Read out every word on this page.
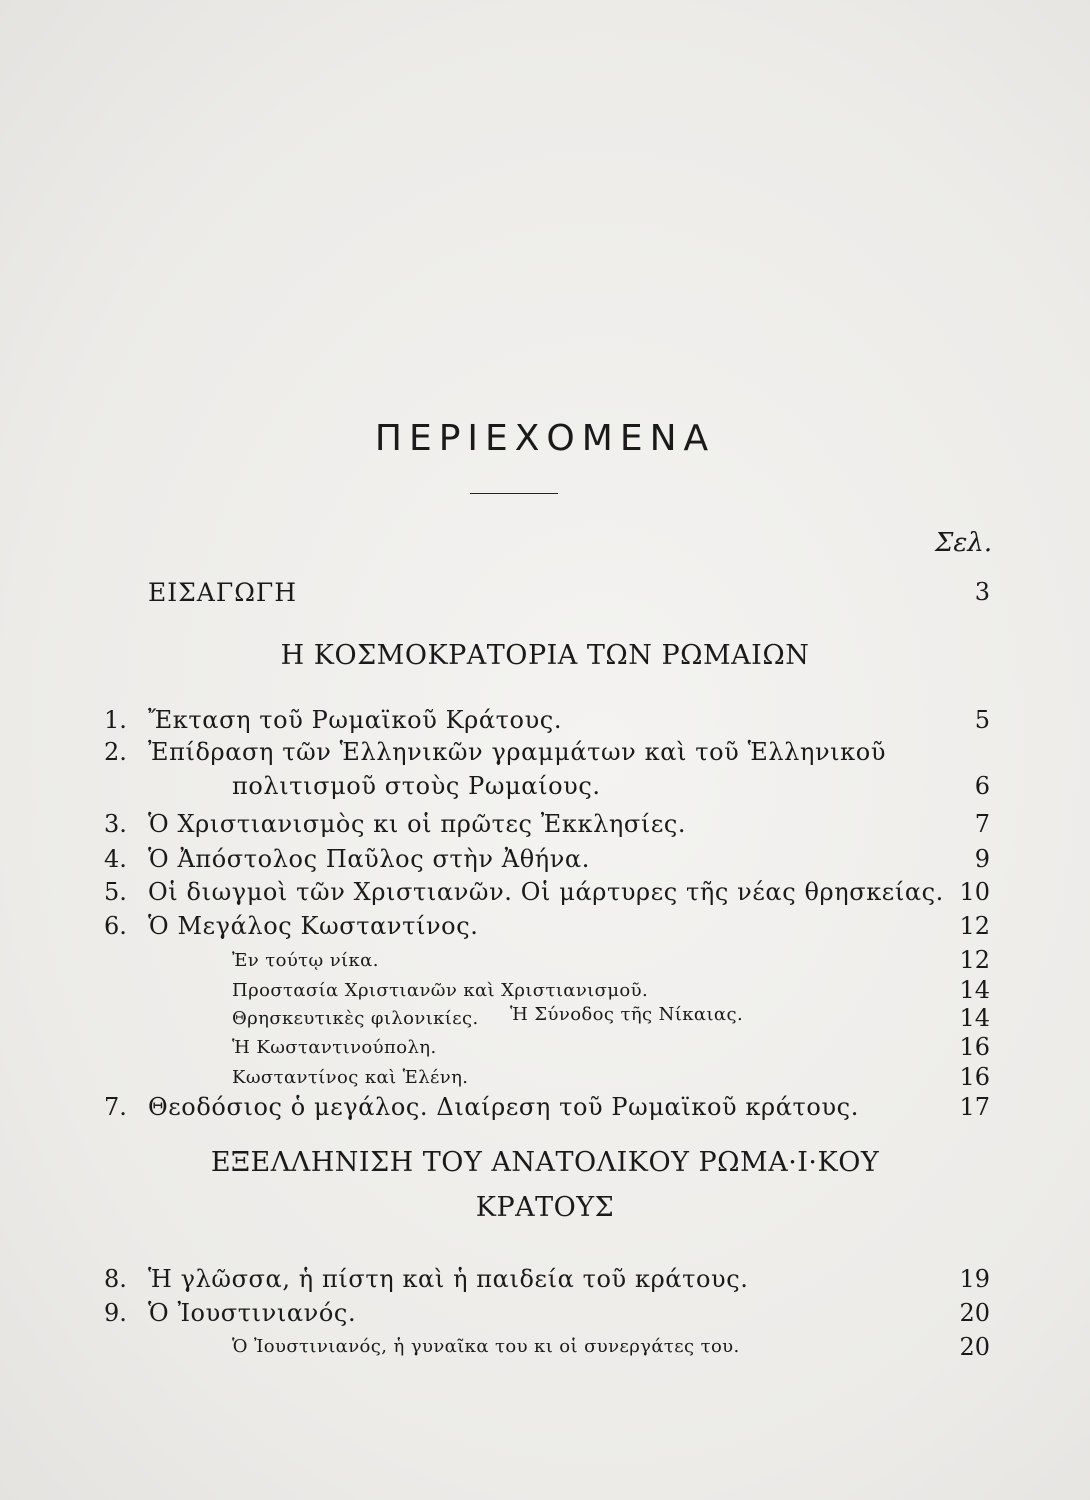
ΠΕΡΙΕΧΟΜΕΝΑ
Σελ.
ΕΙΣΑΓΩΓΗ	3
Η ΚΟΣΜΟΚΡΑΤΟΡΙΑ ΤΩΝ ΡΩΜΑΙΩΝ
1. Ἔκταση τοῦ Ρωμαϊκοῦ Κράτους.	5
2. Ἐπίδραση τῶν Ἑλληνικῶν γραμμάτων καὶ τοῦ Ἑλληνικοῦ
πολιτισμοῦ στοὺς Ρωμαίους.	6
3. Ὁ Χριστιανισμὸς κι οἱ πρῶτες Ἐκκλησίες.	7
4. Ὁ Ἀπόστολος Παῦλος στὴν Ἀθήνα.	9
5. Οἱ διωγμοὶ τῶν Χριστιανῶν. Οἱ μάρτυρες τῆς νέας θρησκείας. 10
6. Ὁ Μεγάλος Κωσταντίνος.	12
Ἐν τούτῳ νίκα.	12
Προστασία Χριστιανῶν καὶ Χριστιανισμοῦ.	14
Θρησκευτικὲς φιλονικίες. Ἡ Σύνοδος τῆς Νίκαιας.	14
Ἡ Κωσταντινούπολη.	16
Κωσταντίνος καὶ Ἑλένη.	16
7. Θεοδόσιος ὁ μεγάλος. Διαίρεση τοῦ Ρωμαϊκοῦ κράτους.	17
ΕΞΕΛΛΗΝΙΣΗ ΤΟΥ ΑΝΑΤΟΛΙΚΟΥ ΡΩΜΑ·Ι·ΚΟΥ
ΚΡΑΤΟΥΣ
8. Ἡ γλῶσσα, ἡ πίστη καὶ ἡ παιδεία τοῦ κράτους.	19
9. Ὁ Ἰουστινιανός.	20
Ὁ Ἰουστινιανός, ἡ γυναῖκα του κι οἱ συνεργάτες του.	20
